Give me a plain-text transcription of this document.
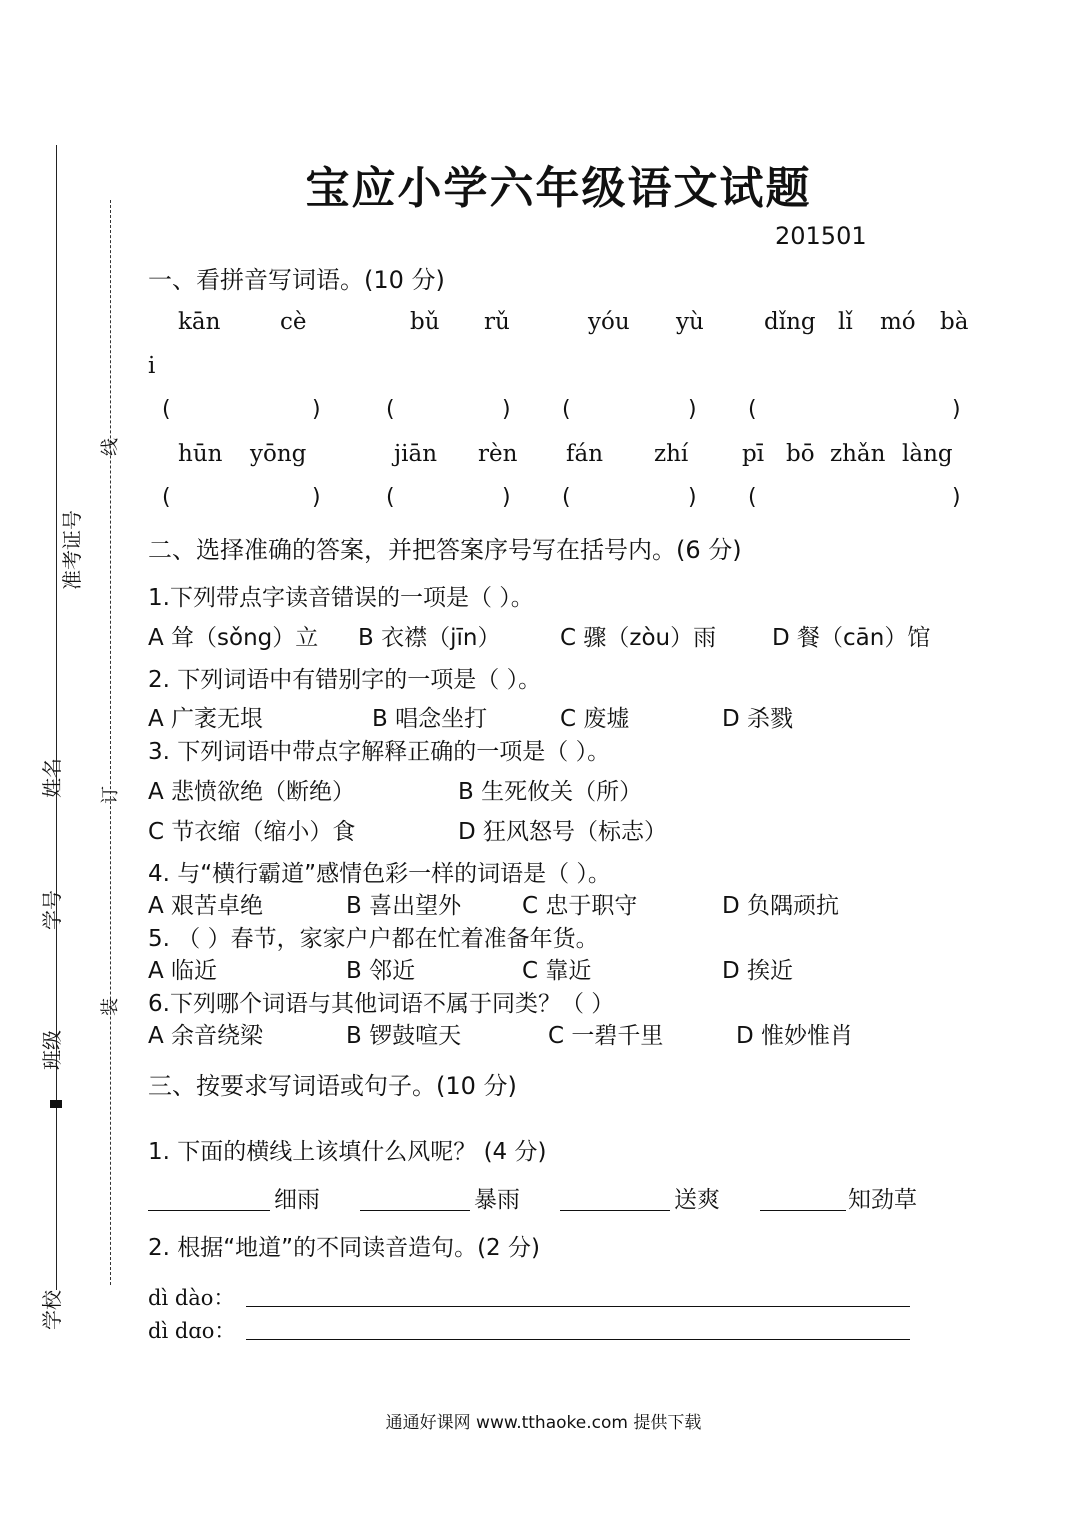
准考证号
姓名
学号
班级
学校
线
订
装
宝应小学六年级语文试题
201501
一、看拼音写词语。(10 分)
kān	cè	bǔ rǔ	yóu yù	dǐng lǐ mó bà
i
(	)	(	) (	) (	)
hūn yōng	jiān rèn fán zhí pī bō zhǎn làng
(	)	(	) (	) (	)
二、选择准确的答案，并把答案序号写在括号内。(6 分)
1.下列带点字读音错误的一项是（ ）。
A 耸（sǒng）立 B 衣襟（jīn）	C 骤（zòu）雨 D 餐（cān）馆
2. 下列词语中有错别字的一项是（ ）。
A 广袤无垠	B 唱念坐打	C 废墟	D 杀戮
3. 下列词语中带点字解释正确的一项是（ ）。
A 悲愤欲绝（断绝）	B 生死攸关（所）
C 节衣缩（缩小）食	D 狂风怒号（标志）
4. 与“横行霸道”感情色彩一样的词语是（ ）。
A 艰苦卓绝	B 喜出望外	C 忠于职守	D 负隅顽抗
5. （ ）春节，家家户户都在忙着准备年货。
A 临近	B 邻近	C 靠近	D 挨近
6.下列哪个词语与其他词语不属于同类？（ ）
A 余音绕梁	B 锣鼓喧天	C 一碧千里	D 惟妙惟肖
三、按要求写词语或句子。(10 分)
1. 下面的横线上该填什么风呢？ (4 分)
细雨	暴雨	送爽	知劲草
2. 根据“地道”的不同读音造句。(2 分)
dì dào：
dì dɑo：
通通好课网 www.tthaoke.com 提供下载
